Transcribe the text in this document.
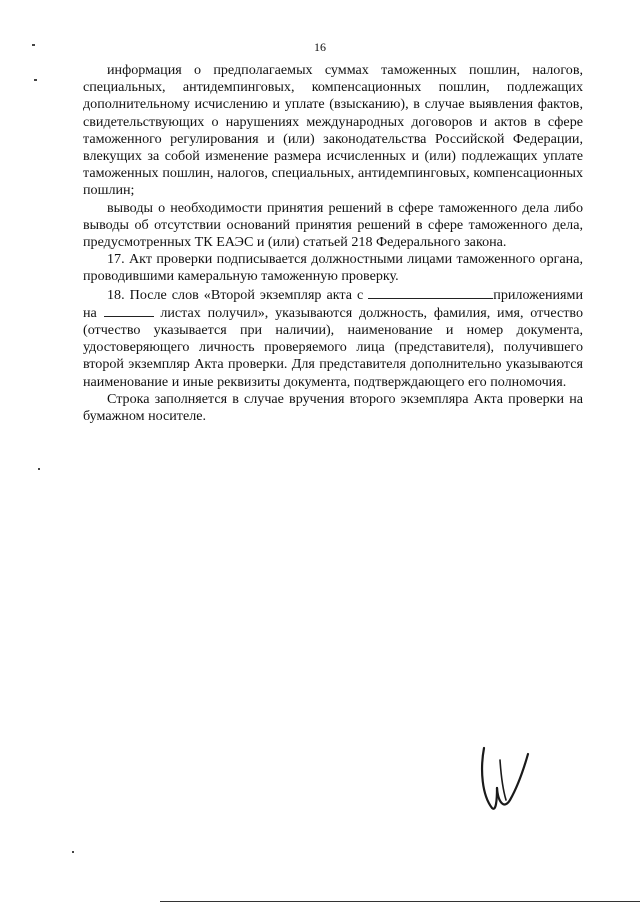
16

информация о предполагаемых суммах таможенных пошлин, налогов, специальных, антидемпинговых, компенсационных пошлин, подлежащих дополнительному исчислению и уплате (взысканию), в случае выявления фактов, свидетельствующих о нарушениях международных договоров и актов в сфере таможенного регулирования и (или) законодательства Российской Федерации, влекущих за собой изменение размера исчисленных и (или) подлежащих уплате таможенных пошлин, налогов, специальных, антидемпинговых, компенсационных пошлин;

выводы о необходимости принятия решений в сфере таможенного дела либо выводы об отсутствии оснований принятия решений в сфере таможенного дела, предусмотренных ТК ЕАЭС и (или) статьей 218 Федерального закона.

17. Акт проверки подписывается должностными лицами таможенного органа, проводившими камеральную таможенную проверку.

18. После слов «Второй экземпляр акта с	приложениями на	листах получил», указываются должность, фамилия, имя, отчество (отчество указывается при наличии), наименование и номер документа, удостоверяющего личность проверяемого лица (представителя), получившего второй экземпляр Акта проверки. Для представителя дополнительно указываются наименование и иные реквизиты документа, подтверждающего его полномочия.

Строка заполняется в случае вручения второго экземпляра Акта проверки на бумажном носителе.
